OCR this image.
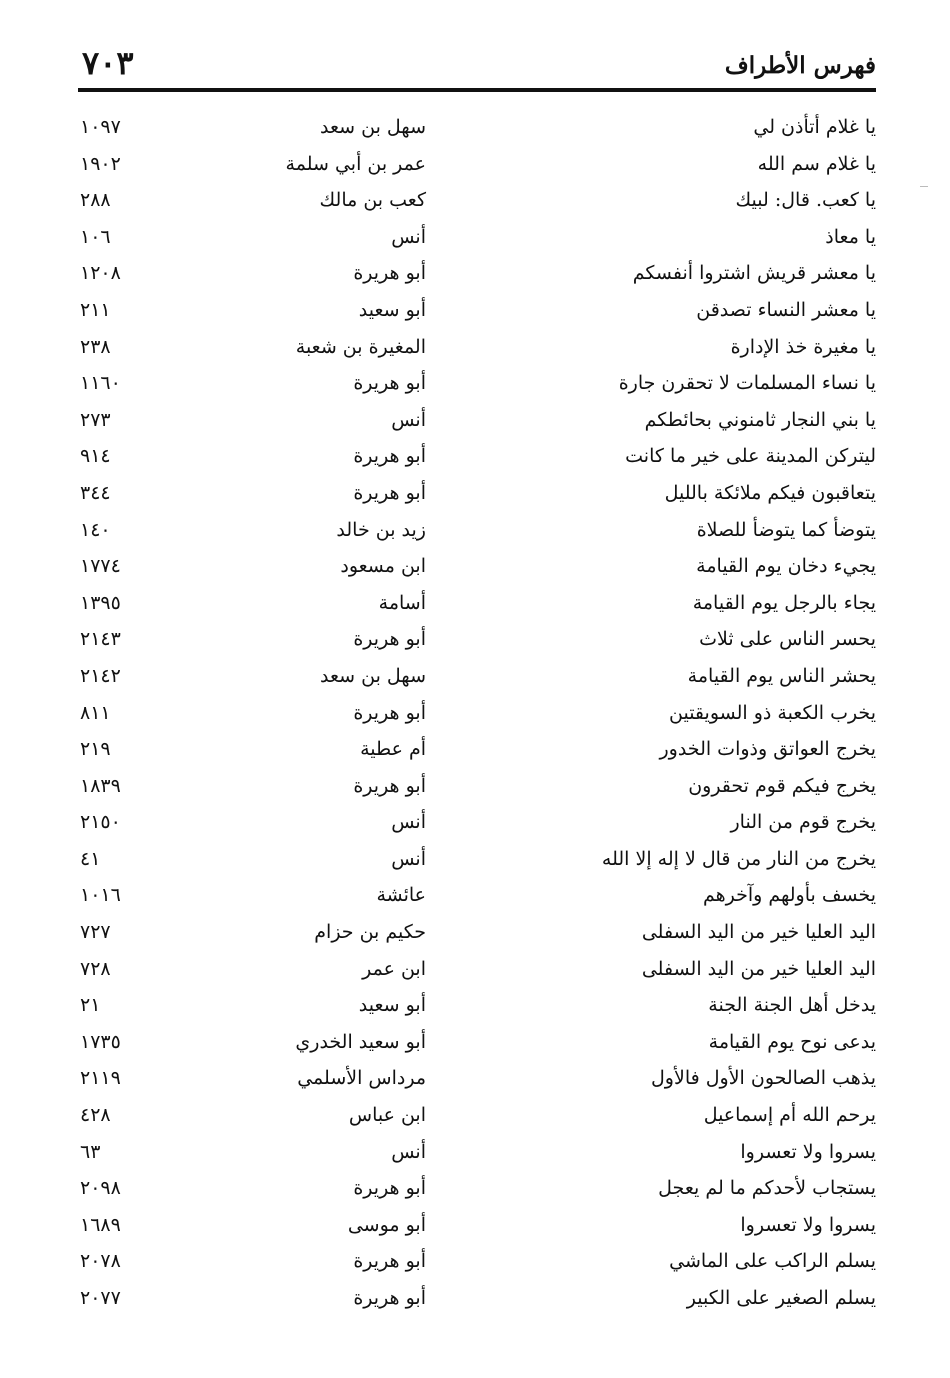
فهرس الأطراف
٧٠٣
يا غلام أتأذن لي
سهل بن سعد
١٠٩٧
يا غلام سم الله
عمر بن أبي سلمة
١٩٠٢
يا كعب. قال: لبيك
كعب بن مالك
٢٨٨
يا معاذ
أنس
١٠٦
يا معشر قريش اشتروا أنفسكم
أبو هريرة
١٢٠٨
يا معشر النساء تصدقن
أبو سعيد
٢١١
يا مغيرة خذ الإدارة
المغيرة بن شعبة
٢٣٨
يا نساء المسلمات لا تحقرن جارة
أبو هريرة
١١٦٠
يا بني النجار ثامنوني بحائطكم
أنس
٢٧٣
ليتركن المدينة على خير ما كانت
أبو هريرة
٩١٤
يتعاقبون فيكم ملائكة بالليل
أبو هريرة
٣٤٤
يتوضأ كما يتوضأ للصلاة
زيد بن خالد
١٤٠
يجيء دخان يوم القيامة
ابن مسعود
١٧٧٤
يجاء بالرجل يوم القيامة
أسامة
١٣٩٥
يحسر الناس على ثلاث
أبو هريرة
٢١٤٣
يحشر الناس يوم القيامة
سهل بن سعد
٢١٤٢
يخرب الكعبة ذو السويقتين
أبو هريرة
٨١١
يخرج العواتق وذوات الخدور
أم عطية
٢١٩
يخرج فيكم قوم تحقرون
أبو هريرة
١٨٣٩
يخرج قوم من النار
أنس
٢١٥٠
يخرج من النار من قال لا إله إلا الله
أنس
٤١
يخسف بأولهم وآخرهم
عائشة
١٠١٦
اليد العليا خير من اليد السفلى
حكيم بن حزام
٧٢٧
اليد العليا خير من اليد السفلى
ابن عمر
٧٢٨
يدخل أهل الجنة الجنة
أبو سعيد
٢١
يدعى نوح يوم القيامة
أبو سعيد الخدري
١٧٣٥
يذهب الصالحون الأول فالأول
مرداس الأسلمي
٢١١٩
يرحم الله أم إسماعيل
ابن عباس
٤٢٨
يسروا ولا تعسروا
أنس
٦٣
يستجاب لأحدكم ما لم يعجل
أبو هريرة
٢٠٩٨
يسروا ولا تعسروا
أبو موسى
١٦٨٩
يسلم الراكب على الماشي
أبو هريرة
٢٠٧٨
يسلم الصغير على الكبير
أبو هريرة
٢٠٧٧
